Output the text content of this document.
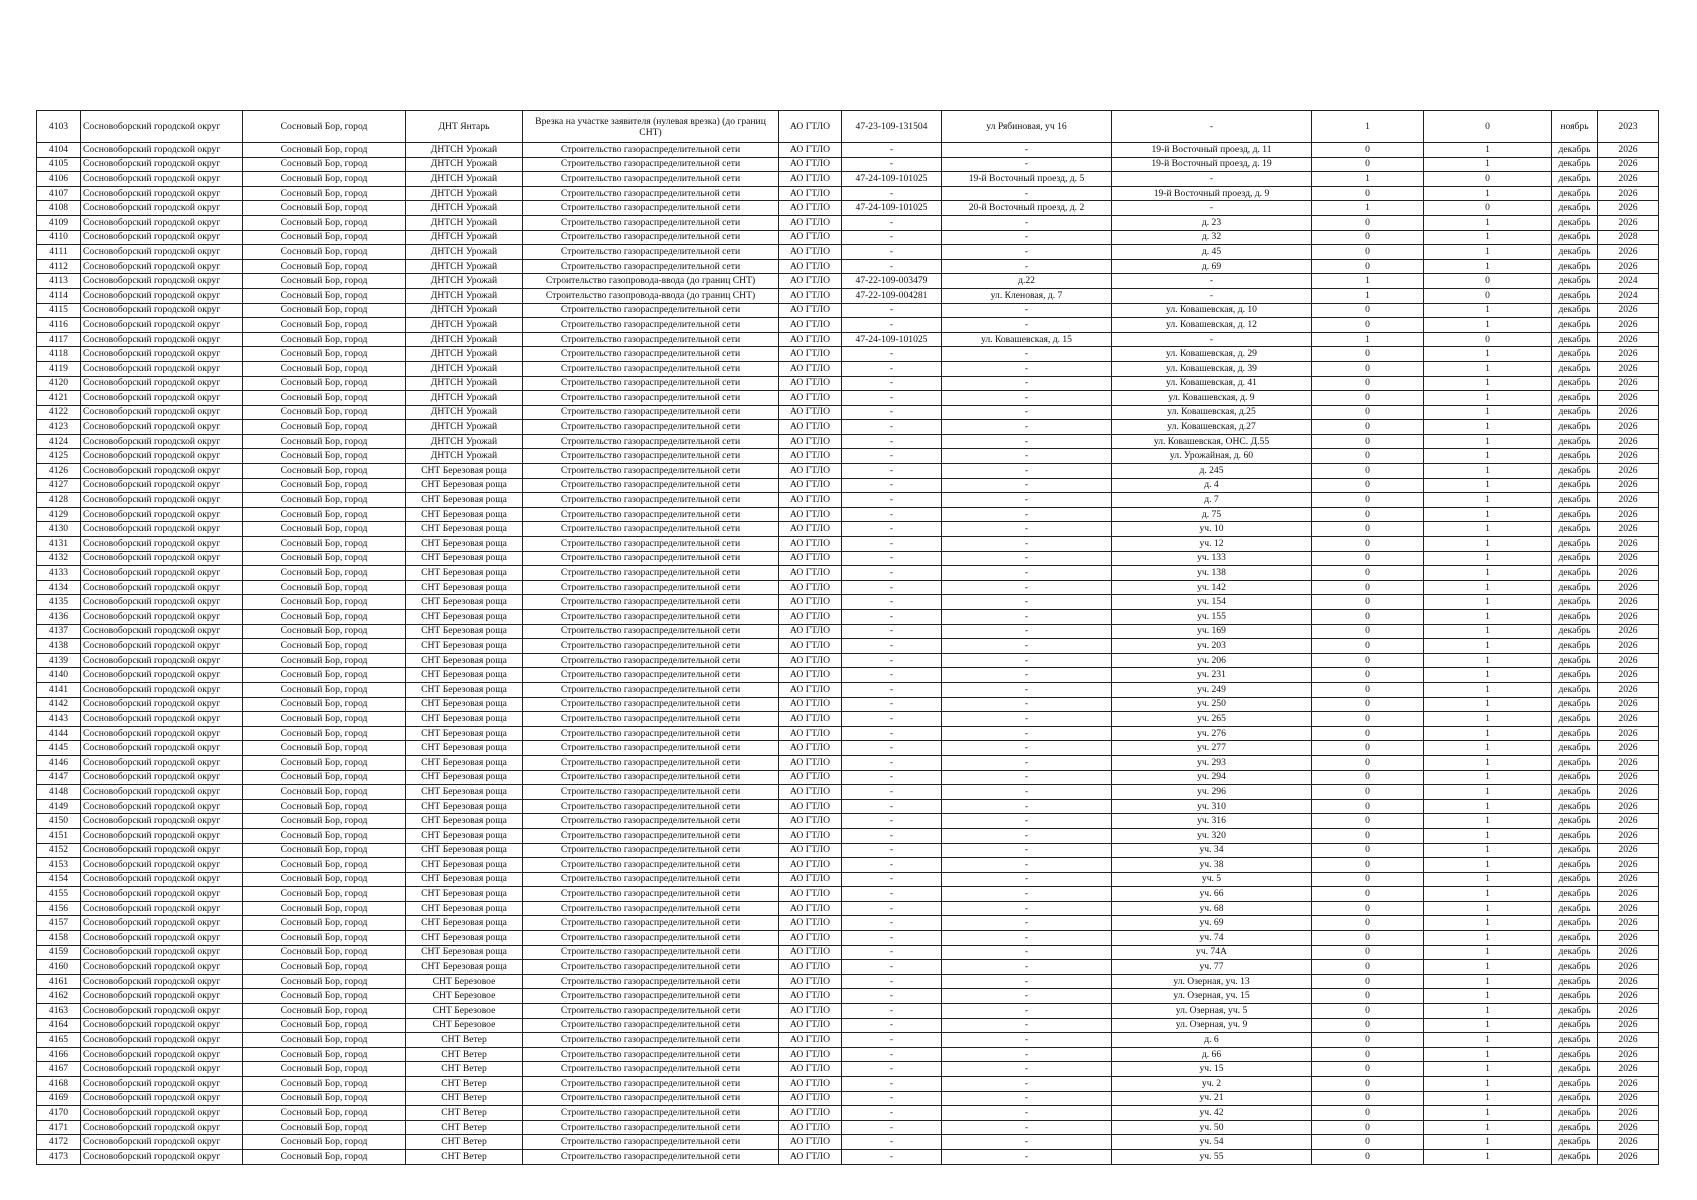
4103	Сосновоборский городской округ	Сосновый Бор, город	ДНТ Янтарь	Врезка на участке заявителя (нулевая врезка) (до границ СНТ)	АО ГТЛО	47-23-109-131504	ул Рябиновая, уч 16	-	1	0	ноябрь	2023
4104	Сосновоборский городской округ	Сосновый Бор, город	ДНТСН Урожай	Строительство газораспределительной сети	АО ГТЛО	-	-	19-й Восточный проезд, д. 11	0	1	декабрь	2026
4105	Сосновоборский городской округ	Сосновый Бор, город	ДНТСН Урожай	Строительство газораспределительной сети	АО ГТЛО	-	-	19-й Восточный проезд, д. 19	0	1	декабрь	2026
4106	Сосновоборский городской округ	Сосновый Бор, город	ДНТСН Урожай	Строительство газораспределительной сети	АО ГТЛО	47-24-109-101025	19-й Восточный проезд, д. 5	-	1	0	декабрь	2026
4107	Сосновоборский городской округ	Сосновый Бор, город	ДНТСН Урожай	Строительство газораспределительной сети	АО ГТЛО	-	-	19-й Восточный проезд, д. 9	0	1	декабрь	2026
4108	Сосновоборский городской округ	Сосновый Бор, город	ДНТСН Урожай	Строительство газораспределительной сети	АО ГТЛО	47-24-109-101025	20-й Восточный проезд, д. 2	-	1	0	декабрь	2026
4109	Сосновоборский городской округ	Сосновый Бор, город	ДНТСН Урожай	Строительство газораспределительной сети	АО ГТЛО	-	-	д. 23	0	1	декабрь	2026
4110	Сосновоборский городской округ	Сосновый Бор, город	ДНТСН Урожай	Строительство газораспределительной сети	АО ГТЛО	-	-	д. 32	0	1	декабрь	2028
4111	Сосновоборский городской округ	Сосновый Бор, город	ДНТСН Урожай	Строительство газораспределительной сети	АО ГТЛО	-	-	д. 45	0	1	декабрь	2026
4112	Сосновоборский городской округ	Сосновый Бор, город	ДНТСН Урожай	Строительство газораспределительной сети	АО ГТЛО	-	-	д. 69	0	1	декабрь	2026
4113	Сосновоборский городской округ	Сосновый Бор, город	ДНТСН Урожай	Строительство газопровода-ввода (до границ СНТ)	АО ГТЛО	47-22-109-003479	д.22	-	1	0	декабрь	2024
4114	Сосновоборский городской округ	Сосновый Бор, город	ДНТСН Урожай	Строительство газопровода-ввода (до границ СНТ)	АО ГТЛО	47-22-109-004281	ул. Кленовая, д. 7	-	1	0	декабрь	2024
4115	Сосновоборский городской округ	Сосновый Бор, город	ДНТСН Урожай	Строительство газораспределительной сети	АО ГТЛО	-	-	ул. Ковашевская, д. 10	0	1	декабрь	2026
4116	Сосновоборский городской округ	Сосновый Бор, город	ДНТСН Урожай	Строительство газораспределительной сети	АО ГТЛО	-	-	ул. Ковашевская, д. 12	0	1	декабрь	2026
4117	Сосновоборский городской округ	Сосновый Бор, город	ДНТСН Урожай	Строительство газораспределительной сети	АО ГТЛО	47-24-109-101025	ул. Ковашевская, д. 15	-	1	0	декабрь	2026
4118	Сосновоборский городской округ	Сосновый Бор, город	ДНТСН Урожай	Строительство газораспределительной сети	АО ГТЛО	-	-	ул. Ковашевская, д. 29	0	1	декабрь	2026
4119	Сосновоборский городской округ	Сосновый Бор, город	ДНТСН Урожай	Строительство газораспределительной сети	АО ГТЛО	-	-	ул. Ковашевская, д. 39	0	1	декабрь	2026
4120	Сосновоборский городской округ	Сосновый Бор, город	ДНТСН Урожай	Строительство газораспределительной сети	АО ГТЛО	-	-	ул. Ковашевская, д. 41	0	1	декабрь	2026
4121	Сосновоборский городской округ	Сосновый Бор, город	ДНТСН Урожай	Строительство газораспределительной сети	АО ГТЛО	-	-	ул. Ковашевская, д. 9	0	1	декабрь	2026
4122	Сосновоборский городской округ	Сосновый Бор, город	ДНТСН Урожай	Строительство газораспределительной сети	АО ГТЛО	-	-	ул. Ковашевская, д.25	0	1	декабрь	2026
4123	Сосновоборский городской округ	Сосновый Бор, город	ДНТСН Урожай	Строительство газораспределительной сети	АО ГТЛО	-	-	ул. Ковашевская, д.27	0	1	декабрь	2026
4124	Сосновоборский городской округ	Сосновый Бор, город	ДНТСН Урожай	Строительство газораспределительной сети	АО ГТЛО	-	-	ул. Ковашевская, ОНС. Д.55	0	1	декабрь	2026
4125	Сосновоборский городской округ	Сосновый Бор, город	ДНТСН Урожай	Строительство газораспределительной сети	АО ГТЛО	-	-	ул. Урожайная, д. 60	0	1	декабрь	2026
4126	Сосновоборский городской округ	Сосновый Бор, город	СНТ Березовая роща	Строительство газораспределительной сети	АО ГТЛО	-	-	д. 245	0	1	декабрь	2026
4127	Сосновоборский городской округ	Сосновый Бор, город	СНТ Березовая роща	Строительство газораспределительной сети	АО ГТЛО	-	-	д. 4	0	1	декабрь	2026
4128	Сосновоборский городской округ	Сосновый Бор, город	СНТ Березовая роща	Строительство газораспределительной сети	АО ГТЛО	-	-	д. 7	0	1	декабрь	2026
4129	Сосновоборский городской округ	Сосновый Бор, город	СНТ Березовая роща	Строительство газораспределительной сети	АО ГТЛО	-	-	д. 75	0	1	декабрь	2026
4130	Сосновоборский городской округ	Сосновый Бор, город	СНТ Березовая роща	Строительство газораспределительной сети	АО ГТЛО	-	-	уч. 10	0	1	декабрь	2026
4131	Сосновоборский городской округ	Сосновый Бор, город	СНТ Березовая роща	Строительство газораспределительной сети	АО ГТЛО	-	-	уч. 12	0	1	декабрь	2026
4132	Сосновоборский городской округ	Сосновый Бор, город	СНТ Березовая роща	Строительство газораспределительной сети	АО ГТЛО	-	-	уч. 133	0	1	декабрь	2026
4133	Сосновоборский городской округ	Сосновый Бор, город	СНТ Березовая роща	Строительство газораспределительной сети	АО ГТЛО	-	-	уч. 138	0	1	декабрь	2026
4134	Сосновоборский городской округ	Сосновый Бор, город	СНТ Березовая роща	Строительство газораспределительной сети	АО ГТЛО	-	-	уч. 142	0	1	декабрь	2026
4135	Сосновоборский городской округ	Сосновый Бор, город	СНТ Березовая роща	Строительство газораспределительной сети	АО ГТЛО	-	-	уч. 154	0	1	декабрь	2026
4136	Сосновоборский городской округ	Сосновый Бор, город	СНТ Березовая роща	Строительство газораспределительной сети	АО ГТЛО	-	-	уч. 155	0	1	декабрь	2026
4137	Сосновоборский городской округ	Сосновый Бор, город	СНТ Березовая роща	Строительство газораспределительной сети	АО ГТЛО	-	-	уч. 169	0	1	декабрь	2026
4138	Сосновоборский городской округ	Сосновый Бор, город	СНТ Березовая роща	Строительство газораспределительной сети	АО ГТЛО	-	-	уч. 203	0	1	декабрь	2026
4139	Сосновоборский городской округ	Сосновый Бор, город	СНТ Березовая роща	Строительство газораспределительной сети	АО ГТЛО	-	-	уч. 206	0	1	декабрь	2026
4140	Сосновоборский городской округ	Сосновый Бор, город	СНТ Березовая роща	Строительство газораспределительной сети	АО ГТЛО	-	-	уч. 231	0	1	декабрь	2026
4141	Сосновоборский городской округ	Сосновый Бор, город	СНТ Березовая роща	Строительство газораспределительной сети	АО ГТЛО	-	-	уч. 249	0	1	декабрь	2026
4142	Сосновоборский городской округ	Сосновый Бор, город	СНТ Березовая роща	Строительство газораспределительной сети	АО ГТЛО	-	-	уч. 250	0	1	декабрь	2026
4143	Сосновоборский городской округ	Сосновый Бор, город	СНТ Березовая роща	Строительство газораспределительной сети	АО ГТЛО	-	-	уч. 265	0	1	декабрь	2026
4144	Сосновоборский городской округ	Сосновый Бор, город	СНТ Березовая роща	Строительство газораспределительной сети	АО ГТЛО	-	-	уч. 276	0	1	декабрь	2026
4145	Сосновоборский городской округ	Сосновый Бор, город	СНТ Березовая роща	Строительство газораспределительной сети	АО ГТЛО	-	-	уч. 277	0	1	декабрь	2026
4146	Сосновоборский городской округ	Сосновый Бор, город	СНТ Березовая роща	Строительство газораспределительной сети	АО ГТЛО	-	-	уч. 293	0	1	декабрь	2026
4147	Сосновоборский городской округ	Сосновый Бор, город	СНТ Березовая роща	Строительство газораспределительной сети	АО ГТЛО	-	-	уч. 294	0	1	декабрь	2026
4148	Сосновоборский городской округ	Сосновый Бор, город	СНТ Березовая роща	Строительство газораспределительной сети	АО ГТЛО	-	-	уч. 296	0	1	декабрь	2026
4149	Сосновоборский городской округ	Сосновый Бор, город	СНТ Березовая роща	Строительство газораспределительной сети	АО ГТЛО	-	-	уч. 310	0	1	декабрь	2026
4150	Сосновоборский городской округ	Сосновый Бор, город	СНТ Березовая роща	Строительство газораспределительной сети	АО ГТЛО	-	-	уч. 316	0	1	декабрь	2026
4151	Сосновоборский городской округ	Сосновый Бор, город	СНТ Березовая роща	Строительство газораспределительной сети	АО ГТЛО	-	-	уч. 320	0	1	декабрь	2026
4152	Сосновоборский городской округ	Сосновый Бор, город	СНТ Березовая роща	Строительство газораспределительной сети	АО ГТЛО	-	-	уч. 34	0	1	декабрь	2026
4153	Сосновоборский городской округ	Сосновый Бор, город	СНТ Березовая роща	Строительство газораспределительной сети	АО ГТЛО	-	-	уч. 38	0	1	декабрь	2026
4154	Сосновоборский городской округ	Сосновый Бор, город	СНТ Березовая роща	Строительство газораспределительной сети	АО ГТЛО	-	-	уч. 5	0	1	декабрь	2026
4155	Сосновоборский городской округ	Сосновый Бор, город	СНТ Березовая роща	Строительство газораспределительной сети	АО ГТЛО	-	-	уч. 66	0	1	декабрь	2026
4156	Сосновоборский городской округ	Сосновый Бор, город	СНТ Березовая роща	Строительство газораспределительной сети	АО ГТЛО	-	-	уч. 68	0	1	декабрь	2026
4157	Сосновоборский городской округ	Сосновый Бор, город	СНТ Березовая роща	Строительство газораспределительной сети	АО ГТЛО	-	-	уч. 69	0	1	декабрь	2026
4158	Сосновоборский городской округ	Сосновый Бор, город	СНТ Березовая роща	Строительство газораспределительной сети	АО ГТЛО	-	-	уч. 74	0	1	декабрь	2026
4159	Сосновоборский городской округ	Сосновый Бор, город	СНТ Березовая роща	Строительство газораспределительной сети	АО ГТЛО	-	-	уч. 74А	0	1	декабрь	2026
4160	Сосновоборский городской округ	Сосновый Бор, город	СНТ Березовая роща	Строительство газораспределительной сети	АО ГТЛО	-	-	уч. 77	0	1	декабрь	2026
4161	Сосновоборский городской округ	Сосновый Бор, город	СНТ Березовое	Строительство газораспределительной сети	АО ГТЛО	-	-	ул. Озерная, уч. 13	0	1	декабрь	2026
4162	Сосновоборский городской округ	Сосновый Бор, город	СНТ Березовое	Строительство газораспределительной сети	АО ГТЛО	-	-	ул. Озерная, уч. 15	0	1	декабрь	2026
4163	Сосновоборский городской округ	Сосновый Бор, город	СНТ Березовое	Строительство газораспределительной сети	АО ГТЛО	-	-	ул. Озерная, уч. 5	0	1	декабрь	2026
4164	Сосновоборский городской округ	Сосновый Бор, город	СНТ Березовое	Строительство газораспределительной сети	АО ГТЛО	-	-	ул. Озерная, уч. 9	0	1	декабрь	2026
4165	Сосновоборский городской округ	Сосновый Бор, город	СНТ Ветер	Строительство газораспределительной сети	АО ГТЛО	-	-	д. 6	0	1	декабрь	2026
4166	Сосновоборский городской округ	Сосновый Бор, город	СНТ Ветер	Строительство газораспределительной сети	АО ГТЛО	-	-	д. 66	0	1	декабрь	2026
4167	Сосновоборский городской округ	Сосновый Бор, город	СНТ Ветер	Строительство газораспределительной сети	АО ГТЛО	-	-	уч. 15	0	1	декабрь	2026
4168	Сосновоборский городской округ	Сосновый Бор, город	СНТ Ветер	Строительство газораспределительной сети	АО ГТЛО	-	-	уч. 2	0	1	декабрь	2026
4169	Сосновоборский городской округ	Сосновый Бор, город	СНТ Ветер	Строительство газораспределительной сети	АО ГТЛО	-	-	уч. 21	0	1	декабрь	2026
4170	Сосновоборский городской округ	Сосновый Бор, город	СНТ Ветер	Строительство газораспределительной сети	АО ГТЛО	-	-	уч. 42	0	1	декабрь	2026
4171	Сосновоборский городской округ	Сосновый Бор, город	СНТ Ветер	Строительство газораспределительной сети	АО ГТЛО	-	-	уч. 50	0	1	декабрь	2026
4172	Сосновоборский городской округ	Сосновый Бор, город	СНТ Ветер	Строительство газораспределительной сети	АО ГТЛО	-	-	уч. 54	0	1	декабрь	2026
4173	Сосновоборский городской округ	Сосновый Бор, город	СНТ Ветер	Строительство газораспределительной сети	АО ГТЛО	-	-	уч. 55	0	1	декабрь	2026
